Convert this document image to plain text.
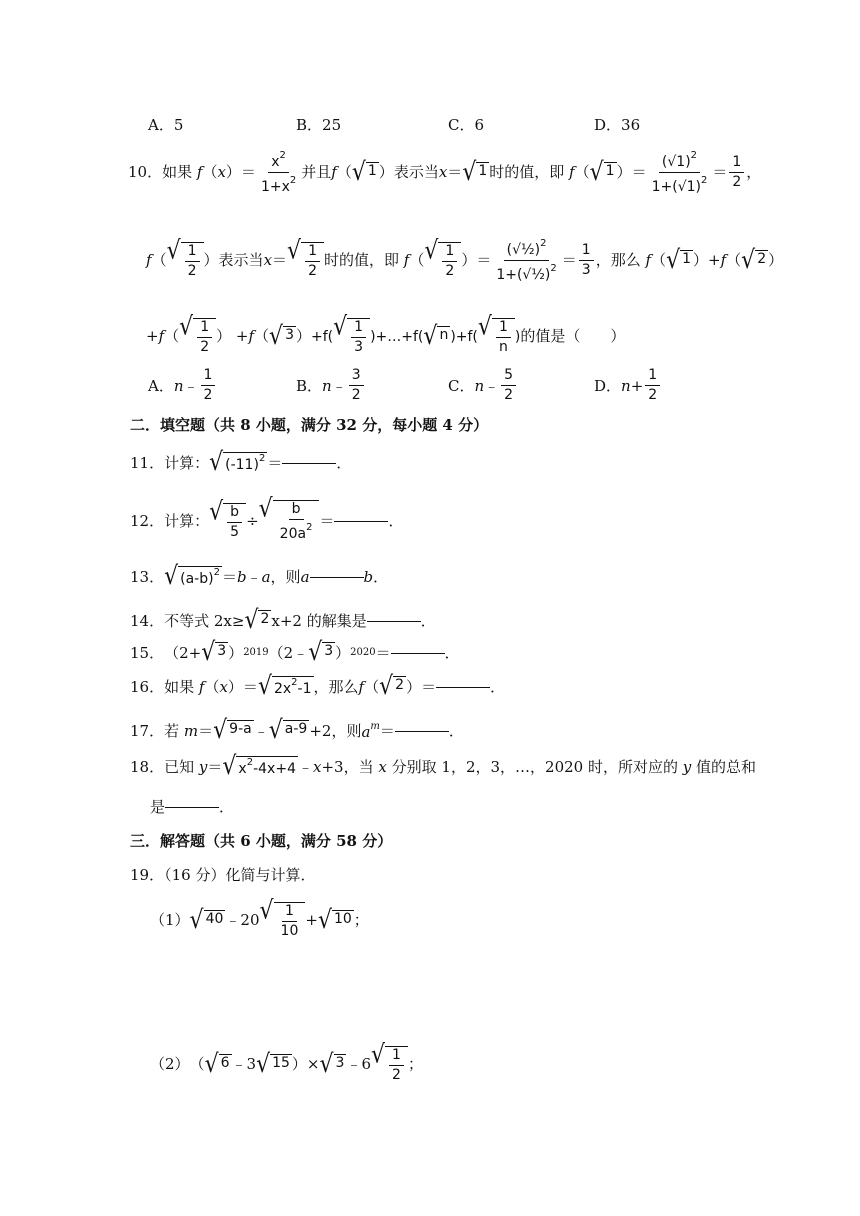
A．5	B．25	C．6	D．36
10． 如果 f （ x ）＝ $\frac{x^2}{1+x^2}$ 并且 f （ √ 1 ） 表示当 x ＝ √ 1 时的值，即 f （ √ 1 ）＝ $\frac{(√1)^2}{1+(√1)^2} = \frac{1}{2}$ ，
f （ √ $\frac{1}{2}$ ） 表示当 x ＝ √ $\frac{1}{2}$ 时的值，即 f （ √ $\frac{1}{2}$ ）＝ $\frac{(√\frac{1}{2})^2}{1+(√\frac{1}{2})^2} = \frac{1}{3}$ ，那么 f （ √ 1 ）+ f （ √ 2 ）
+ f （ √ $\frac{1}{2}$ ） + f （ √ 3 ） +f( √ $\frac{1}{3}$ )+…+f( √ n )+f( √ $\frac{1}{n}$ ) 的值是（　　）
A． n ﹣ $\frac{1}{2}$	B． n ﹣ $\frac{3}{2}$	C． n ﹣ $\frac{5}{2}$	D． $n + \frac{1}{2}$
二．填空题（共 8 小题，满分 32 分，每小题 4 分）
11． 计算： √ $(-11)^2$ ＝	．
12． 计算： √ $\frac{b}{5}$ ÷ √ $\frac{b}{20a^2}$ ＝	．
13． √ $(a-b)^2 = b$ ﹣ a ，则 a	b ．
14． 不等式 2x≥ √ 2 x+2 的解集是	．
15． （2+ √ 3 ） 2019 （2﹣ √ 3 ） 2020 ＝	．
16． 如果 f （ x ）＝ √ $2x^2-1$ ，那么 f （ √ 2 ）＝	．
17． 若
m ＝ √ 9-a ﹣ √ a-9 +2 ，则 $a^m$ ＝	．
18． 已知
y ＝ √ $x^2-4x+4$ ﹣ x +3 ，当
x
分别取 1，2，3，…，2020 时，所对应的
y
值的总和
是	．
三．解答题（共 6 小题，满分 58 分）
19．（16 分）化简与计算．
（1） √ 40 ﹣20 √ $\frac{1}{10}$ + √ 10 ；
（2） （ √ 6 ﹣3 √ 15 ）× √ 3 ﹣6 √ $\frac{1}{2}$ ；
